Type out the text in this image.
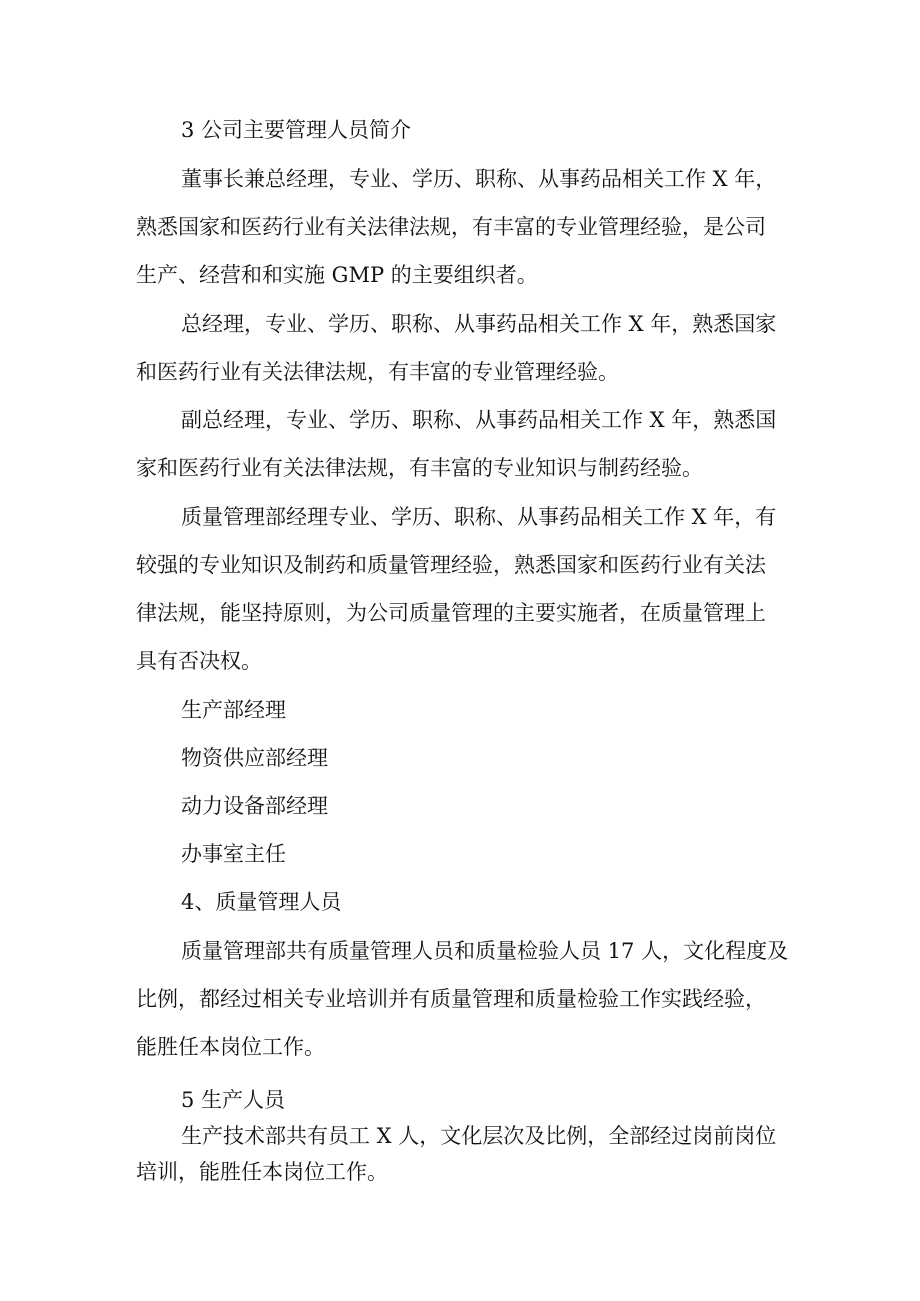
3 公司主要管理人员简介
董事长兼总经理，专业、学历、职称、从事药品相关工作 X 年，
熟悉国家和医药行业有关法律法规，有丰富的专业管理经验，是公司
生产、经营和和实施 GMP 的主要组织者。
总经理，专业、学历、职称、从事药品相关工作 X 年，熟悉国家
和医药行业有关法律法规，有丰富的专业管理经验。
副总经理，专业、学历、职称、从事药品相关工作 X 年，熟悉国
家和医药行业有关法律法规，有丰富的专业知识与制药经验。
质量管理部经理专业、学历、职称、从事药品相关工作 X 年，有
较强的专业知识及制药和质量管理经验，熟悉国家和医药行业有关法
律法规，能坚持原则，为公司质量管理的主要实施者，在质量管理上
具有否决权。
生产部经理
物资供应部经理
动力设备部经理
办事室主任
4、质量管理人员
质量管理部共有质量管理人员和质量检验人员 17 人，文化程度及
比例，都经过相关专业培训并有质量管理和质量检验工作实践经验，
能胜任本岗位工作。
5 生产人员
生产技术部共有员工 X 人，文化层次及比例，全部经过岗前岗位
培训，能胜任本岗位工作。
